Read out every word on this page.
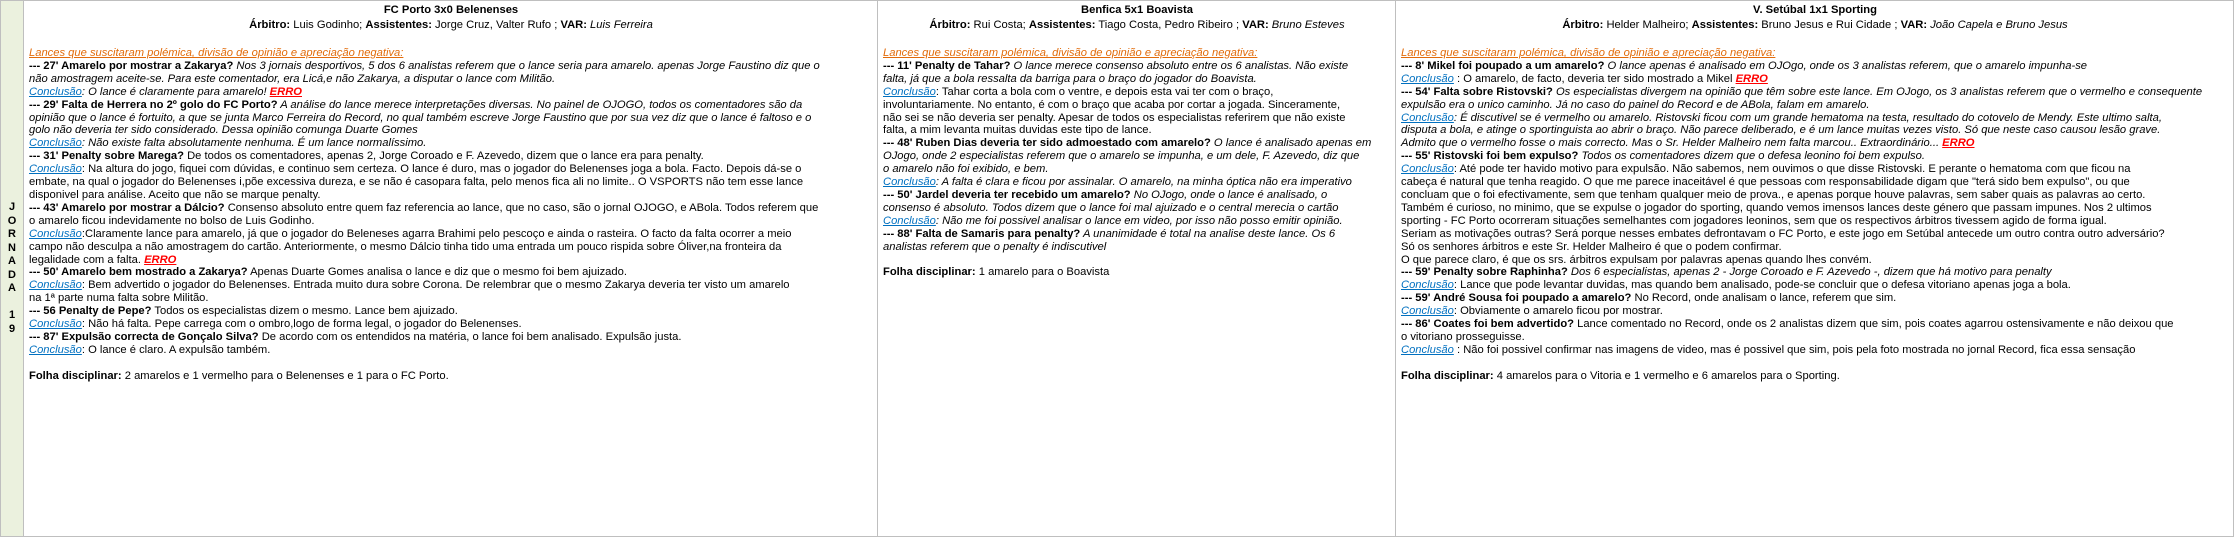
J
O
R
N
A
D
A
1
9
FC Porto 3x0 Belenenses
Árbitro: Luis Godinho; Assistentes: Jorge Cruz, Valter Rufo ; VAR: Luis Ferreira
Lances que suscitaram polémica, divisão de opinião e apreciação negativa:
--- 27' Amarelo por mostrar a Zakarya? Nos 3 jornais desportivos, 5 dos 6 analistas referem que o lance seria para amarelo. apenas Jorge Faustino diz que o
não amostragem aceite-se. Para este comentador, era Licá,e não Zakarya, a disputar o lance com Militão.
Conclusão: O lance é claramente para amarelo! ERRO
--- 29' Falta de Herrera no 2º golo do FC Porto? A análise do lance merece interpretações diversas. No painel de OJOGO, todos os comentadores são da
opinião que o lance é fortuito, a que se junta Marco Ferreira do Record, no qual também escreve Jorge Faustino que por sua vez diz que o lance é faltoso e o
golo não deveria ter sido considerado. Dessa opinião comunga Duarte Gomes
Conclusão: Não existe falta absolutamente nenhuma. É um lance normalíssimo.
--- 31' Penalty sobre Marega? De todos os comentadores, apenas 2, Jorge Coroado e F. Azevedo, dizem que o lance era para penalty.
Conclusão: Na altura do jogo, fiquei com dúvidas, e continuo sem certeza. O lance é duro, mas o jogador do Belenenses joga a bola. Facto. Depois dá-se o
embate, na qual o jogador do Belenenses i,põe excessiva dureza, e se não é casopara falta, pelo menos fica ali no limite.. O VSPORTS não tem esse lance
disponivel para análise. Aceito que não se marque penalty.
--- 43' Amarelo por mostrar a Dálcio? Consenso absoluto entre quem faz referencia ao lance, que no caso, são o jornal OJOGO, e ABola. Todos referem que
o amarelo ficou indevidamente no bolso de Luis Godinho.
Conclusão:Claramente lance para amarelo, já que o jogador do Beleneses agarra Brahimi pelo pescoço e ainda o rasteira. O facto da falta ocorrer a meio
campo não desculpa a não amostragem do cartão. Anteriormente, o mesmo Dálcio tinha tido uma entrada um pouco rispida sobre Óliver,na fronteira da
legalidade com a falta. ERRO
--- 50' Amarelo bem mostrado a Zakarya? Apenas Duarte Gomes analisa o lance e diz que o mesmo foi bem ajuizado.
Conclusão: Bem advertido o jogador do Belenenses. Entrada muito dura sobre Corona. De relembrar que o mesmo Zakarya deveria ter visto um amarelo
na 1ª parte numa falta sobre Militão.
--- 56 Penalty de Pepe? Todos os especialistas dizem o mesmo. Lance bem ajuizado.
Conclusão: Não há falta. Pepe carrega com o ombro,logo de forma legal, o jogador do Belenenses.
--- 87' Expulsão correcta de Gonçalo Silva? De acordo com os entendidos na matéria, o lance foi bem analisado. Expulsão justa.
Conclusão: O lance é claro. A expulsão também.
Folha disciplinar: 2 amarelos e 1 vermelho para o Belenenses e 1 para o FC Porto.
Benfica 5x1 Boavista
Árbitro: Rui Costa; Assistentes: Tiago Costa, Pedro Ribeiro ; VAR: Bruno Esteves
Lances que suscitaram polémica, divisão de opinião e apreciação negativa:
--- 11' Penalty de Tahar? O lance merece consenso absoluto entre os 6 analistas. Não existe
falta, já que a bola ressalta da barriga para o braço do jogador do Boavista.
Conclusão: Tahar corta a bola com o ventre, e depois esta vai ter com o braço,
involuntariamente. No entanto, é com o braço que acaba por cortar a jogada. Sinceramente,
não sei se não deveria ser penalty. Apesar de todos os especialistas referirem que não existe
falta, a mim levanta muitas duvidas este tipo de lance.
--- 48' Ruben Dias deveria ter sido admoestado com amarelo? O lance é analisado apenas em
OJogo, onde 2 especialistas referem que o amarelo se impunha, e um dele, F. Azevedo, diz que
o amarelo não foi exibido, e bem.
Conclusão: A falta é clara e ficou por assinalar. O amarelo, na minha óptica não era imperativo
--- 50' Jardel deveria ter recebido um amarelo? No OJogo, onde o lance é analisado, o
consenso é absoluto. Todos dizem que o lance foi mal ajuizado e o central merecia o cartão
Conclusão: Não me foi possivel analisar o lance em video, por isso não posso emitir opinião.
--- 88' Falta de Samaris para penalty? A unanimidade é total na analise deste lance. Os 6
analistas referem que o penalty é indiscutivel
Folha disciplinar: 1 amarelo para o Boavista
V. Setúbal 1x1 Sporting
Árbitro: Helder Malheiro; Assistentes: Bruno Jesus e Rui Cidade ; VAR: João Capela e Bruno Jesus
Lances que suscitaram polémica, divisão de opinião e apreciação negativa:
--- 8' Mikel foi poupado a um amarelo? O lance apenas é analisado em OJOgo, onde os 3 analistas referem, que o amarelo impunha-se
Conclusão : O amarelo, de facto, deveria ter sido mostrado a Mikel ERRO
--- 54' Falta sobre Ristovski? Os especialistas divergem na opinião que têm sobre este lance. Em OJogo, os 3 analistas referem que o vermelho e consequente
expulsão era o unico caminho. Já no caso do painel do Record e de ABola, falam em amarelo.
Conclusão: É discutivel se é vermelho ou amarelo. Ristovski ficou com um grande hematoma na testa, resultado do cotovelo de Mendy. Este ultimo salta,
disputa a bola, e atinge o sportinguista ao abrir o braço. Não parece deliberado, e é um lance muitas vezes visto. Só que neste caso causou lesão grave.
Admito que o vermelho fosse o mais correcto. Mas o Sr. Helder Malheiro nem falta marcou.. Extraordinário... ERRO
--- 55' Ristovski foi bem expulso? Todos os comentadores dizem que o defesa leonino foi bem expulso.
Conclusão: Até pode ter havido motivo para expulsão. Não sabemos, nem ouvimos o que disse Ristovski. E perante o hematoma com que ficou na
cabeça é natural que tenha reagido. O que me parece inaceitável é que pessoas com responsabilidade digam que "terá sido bem expulso", ou que
concluam que o foi efectivamente, sem que tenham qualquer meio de prova., e apenas porque houve palavras, sem saber quais as palavras ao certo.
Também é curioso, no minimo, que se expulse o jogador do sporting, quando vemos imensos lances deste género que passam impunes. Nos 2 ultimos
sporting - FC Porto ocorreram situações semelhantes com jogadores leoninos, sem que os respectivos árbitros tivessem agido de forma igual.
Seriam as motivações outras? Será porque nesses embates defrontavam o FC Porto, e este jogo em Setúbal antecede um outro contra outro adversário?
Só os senhores árbitros e este Sr. Helder Malheiro é que o podem confirmar.
O que parece claro, é que os srs. árbitros expulsam por palavras apenas quando lhes convém.
--- 59' Penalty sobre Raphinha? Dos 6 especialistas, apenas 2 - Jorge Coroado e F. Azevedo -, dizem que há motivo para penalty
Conclusão: Lance que pode levantar duvidas, mas quando bem analisado, pode-se concluir que o defesa vitoriano apenas joga a bola.
--- 59' André Sousa foi poupado a amarelo? No Record, onde analisam o lance, referem que sim.
Conclusão: Obviamente o amarelo ficou por mostrar.
--- 86' Coates foi bem advertido? Lance comentado no Record, onde os 2 analistas dizem que sim, pois coates agarrou ostensivamente e não deixou que
o vitoriano prosseguisse.
Conclusão : Não foi possivel confirmar nas imagens de video, mas é possivel que sim, pois pela foto mostrada no jornal Record, fica essa sensação
Folha disciplinar: 4 amarelos para o Vitoria e 1 vermelho e 6 amarelos para o Sporting.
